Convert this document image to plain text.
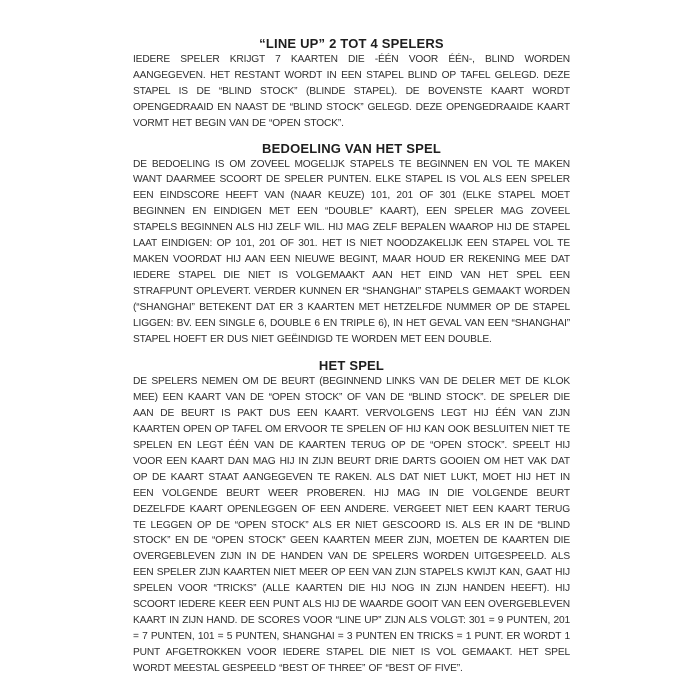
“LINE UP” 2 TOT 4 SPELERS

IEDERE SPELER KRIJGT 7 KAARTEN DIE -ÉÉN VOOR ÉÉN-, BLIND WORDEN AANGEGEVEN. HET RESTANT WORDT IN EEN STAPEL BLIND OP TAFEL GELEGD. DEZE STAPEL IS DE “BLIND STOCK” (BLINDE STAPEL). DE BOVENSTE KAART WORDT OPENGEDRAAID EN NAAST DE “BLIND STOCK” GELEGD. DEZE OPENGEDRAAIDE KAART VORMT HET BEGIN VAN DE “OPEN STOCK”.

BEDOELING VAN HET SPEL

DE BEDOELING IS OM ZOVEEL MOGELIJK STAPELS TE BEGINNEN EN VOL TE MAKEN WANT DAARMEE SCOORT DE SPELER PUNTEN. ELKE STAPEL IS VOL ALS EEN SPELER EEN EINDSCORE HEEFT VAN (NAAR KEUZE) 101, 201 OF 301 (ELKE STAPEL MOET BEGINNEN EN EINDIGEN MET EEN “DOUBLE” KAART), EEN SPELER MAG ZOVEEL STAPELS BEGINNEN ALS HIJ ZELF WIL. HIJ MAG ZELF BEPALEN WAAROP HIJ DE STAPEL LAAT EINDIGEN: OP 101, 201 OF 301. HET IS NIET NOODZAKELIJK EEN STAPEL VOL TE MAKEN VOORDAT HIJ AAN EEN NIEUWE BEGINT, MAAR HOUD ER REKENING MEE DAT IEDERE STAPEL DIE NIET IS VOLGEMAAKT AAN HET EIND VAN HET SPEL EEN STRAFPUNT OPLEVERT. VERDER KUNNEN ER “SHANGHAI” STAPELS GEMAAKT WORDEN (“SHANGHAI” BETEKENT DAT ER 3 KAARTEN MET HETZELFDE NUMMER OP DE STAPEL LIGGEN: BV. EEN SINGLE 6, DOUBLE 6 EN TRIPLE 6), IN HET GEVAL VAN EEN “SHANGHAI” STAPEL HOEFT ER DUS NIET GEËINDIGD TE WORDEN MET EEN DOUBLE.

HET SPEL

DE SPELERS NEMEN OM DE BEURT (BEGINNEND LINKS VAN DE DELER MET DE KLOK MEE) EEN KAART VAN DE “OPEN STOCK” OF VAN DE “BLIND STOCK”. DE SPELER DIE AAN DE BEURT IS PAKT DUS EEN KAART. VERVOLGENS LEGT HIJ ÉÉN VAN ZIJN KAARTEN OPEN OP TAFEL OM ERVOOR TE SPELEN OF HIJ KAN OOK BESLUITEN NIET TE SPELEN EN LEGT ÉÉN VAN DE KAARTEN TERUG OP DE “OPEN STOCK”. SPEELT HIJ VOOR EEN KAART DAN MAG HIJ IN ZIJN BEURT DRIE DARTS GOOIEN OM HET VAK DAT OP DE KAART STAAT AANGEGEVEN TE RAKEN. ALS DAT NIET LUKT, MOET HIJ HET IN EEN VOLGENDE BEURT WEER PROBEREN. HIJ MAG IN DIE VOLGENDE BEURT DEZELFDE KAART OPENLEGGEN OF EEN ANDERE. VERGEET NIET EEN KAART TERUG TE LEGGEN OP DE “OPEN STOCK” ALS ER NIET GESCOORD IS. ALS ER IN DE “BLIND STOCK” EN DE “OPEN STOCK” GEEN KAARTEN MEER ZIJN, MOETEN DE KAARTEN DIE OVERGEBLEVEN ZIJN IN DE HANDEN VAN DE SPELERS WORDEN UITGESPEELD. ALS EEN SPELER ZIJN KAARTEN NIET MEER OP EEN VAN ZIJN STAPELS KWIJT KAN, GAAT HIJ SPELEN VOOR “TRICKS” (ALLE KAARTEN DIE HIJ NOG IN ZIJN HANDEN HEEFT). HIJ SCOORT IEDERE KEER EEN PUNT ALS HIJ DE WAARDE GOOIT VAN EEN OVERGEBLEVEN KAART IN ZIJN HAND. DE SCORES VOOR “LINE UP” ZIJN ALS VOLGT: 301 = 9 PUNTEN, 201 = 7 PUNTEN, 101 = 5 PUNTEN, SHANGHAI = 3 PUNTEN EN TRICKS = 1 PUNT. ER WORDT 1 PUNT AFGETROKKEN VOOR IEDERE STAPEL DIE NIET IS VOL GEMAAKT. HET SPEL WORDT MEESTAL GESPEELD “BEST OF THREE” OF “BEST OF FIVE”.
